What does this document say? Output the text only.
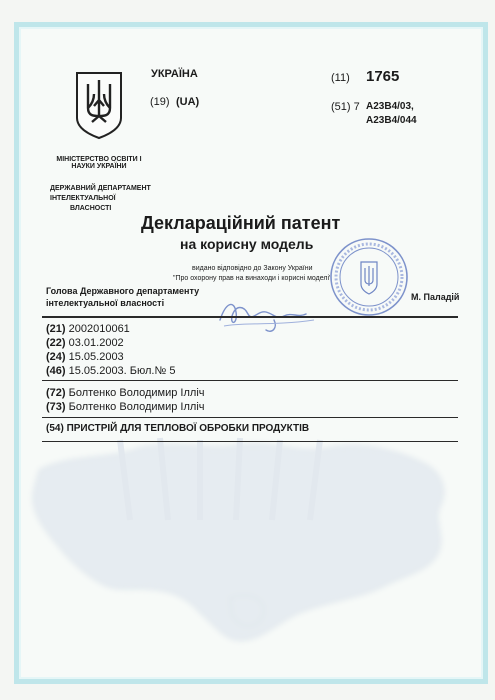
УКРАЇНА
(19) (UA)
(11) 1765
(51) 7 A23B4/03,
A23B4/044
МІНІСТЕРСТВО ОСВІТИ І
НАУКИ УКРАЇНИ
ДЕРЖАВНИЙ ДЕПАРТАМЕНТ
ІНТЕЛЕКТУАЛЬНОЇ
ВЛАСНОСТІ
Деклараційний патент
на корисну модель
видано відповідно до Закону України
"Про охорону прав на винаходи і корисні моделі"
Голова Державного департаменту
інтелектуальної власності
М. Паладій
(21) 2002010061
(22) 03.01.2002
(24) 15.05.2003
(46) 15.05.2003. Бюл.№ 5
(72) Болтенко Володимир Ілліч
(73) Болтенко Володимир Ілліч
(54) ПРИСТРІЙ ДЛЯ ТЕПЛОВОЇ ОБРОБКИ ПРОДУКТІВ
